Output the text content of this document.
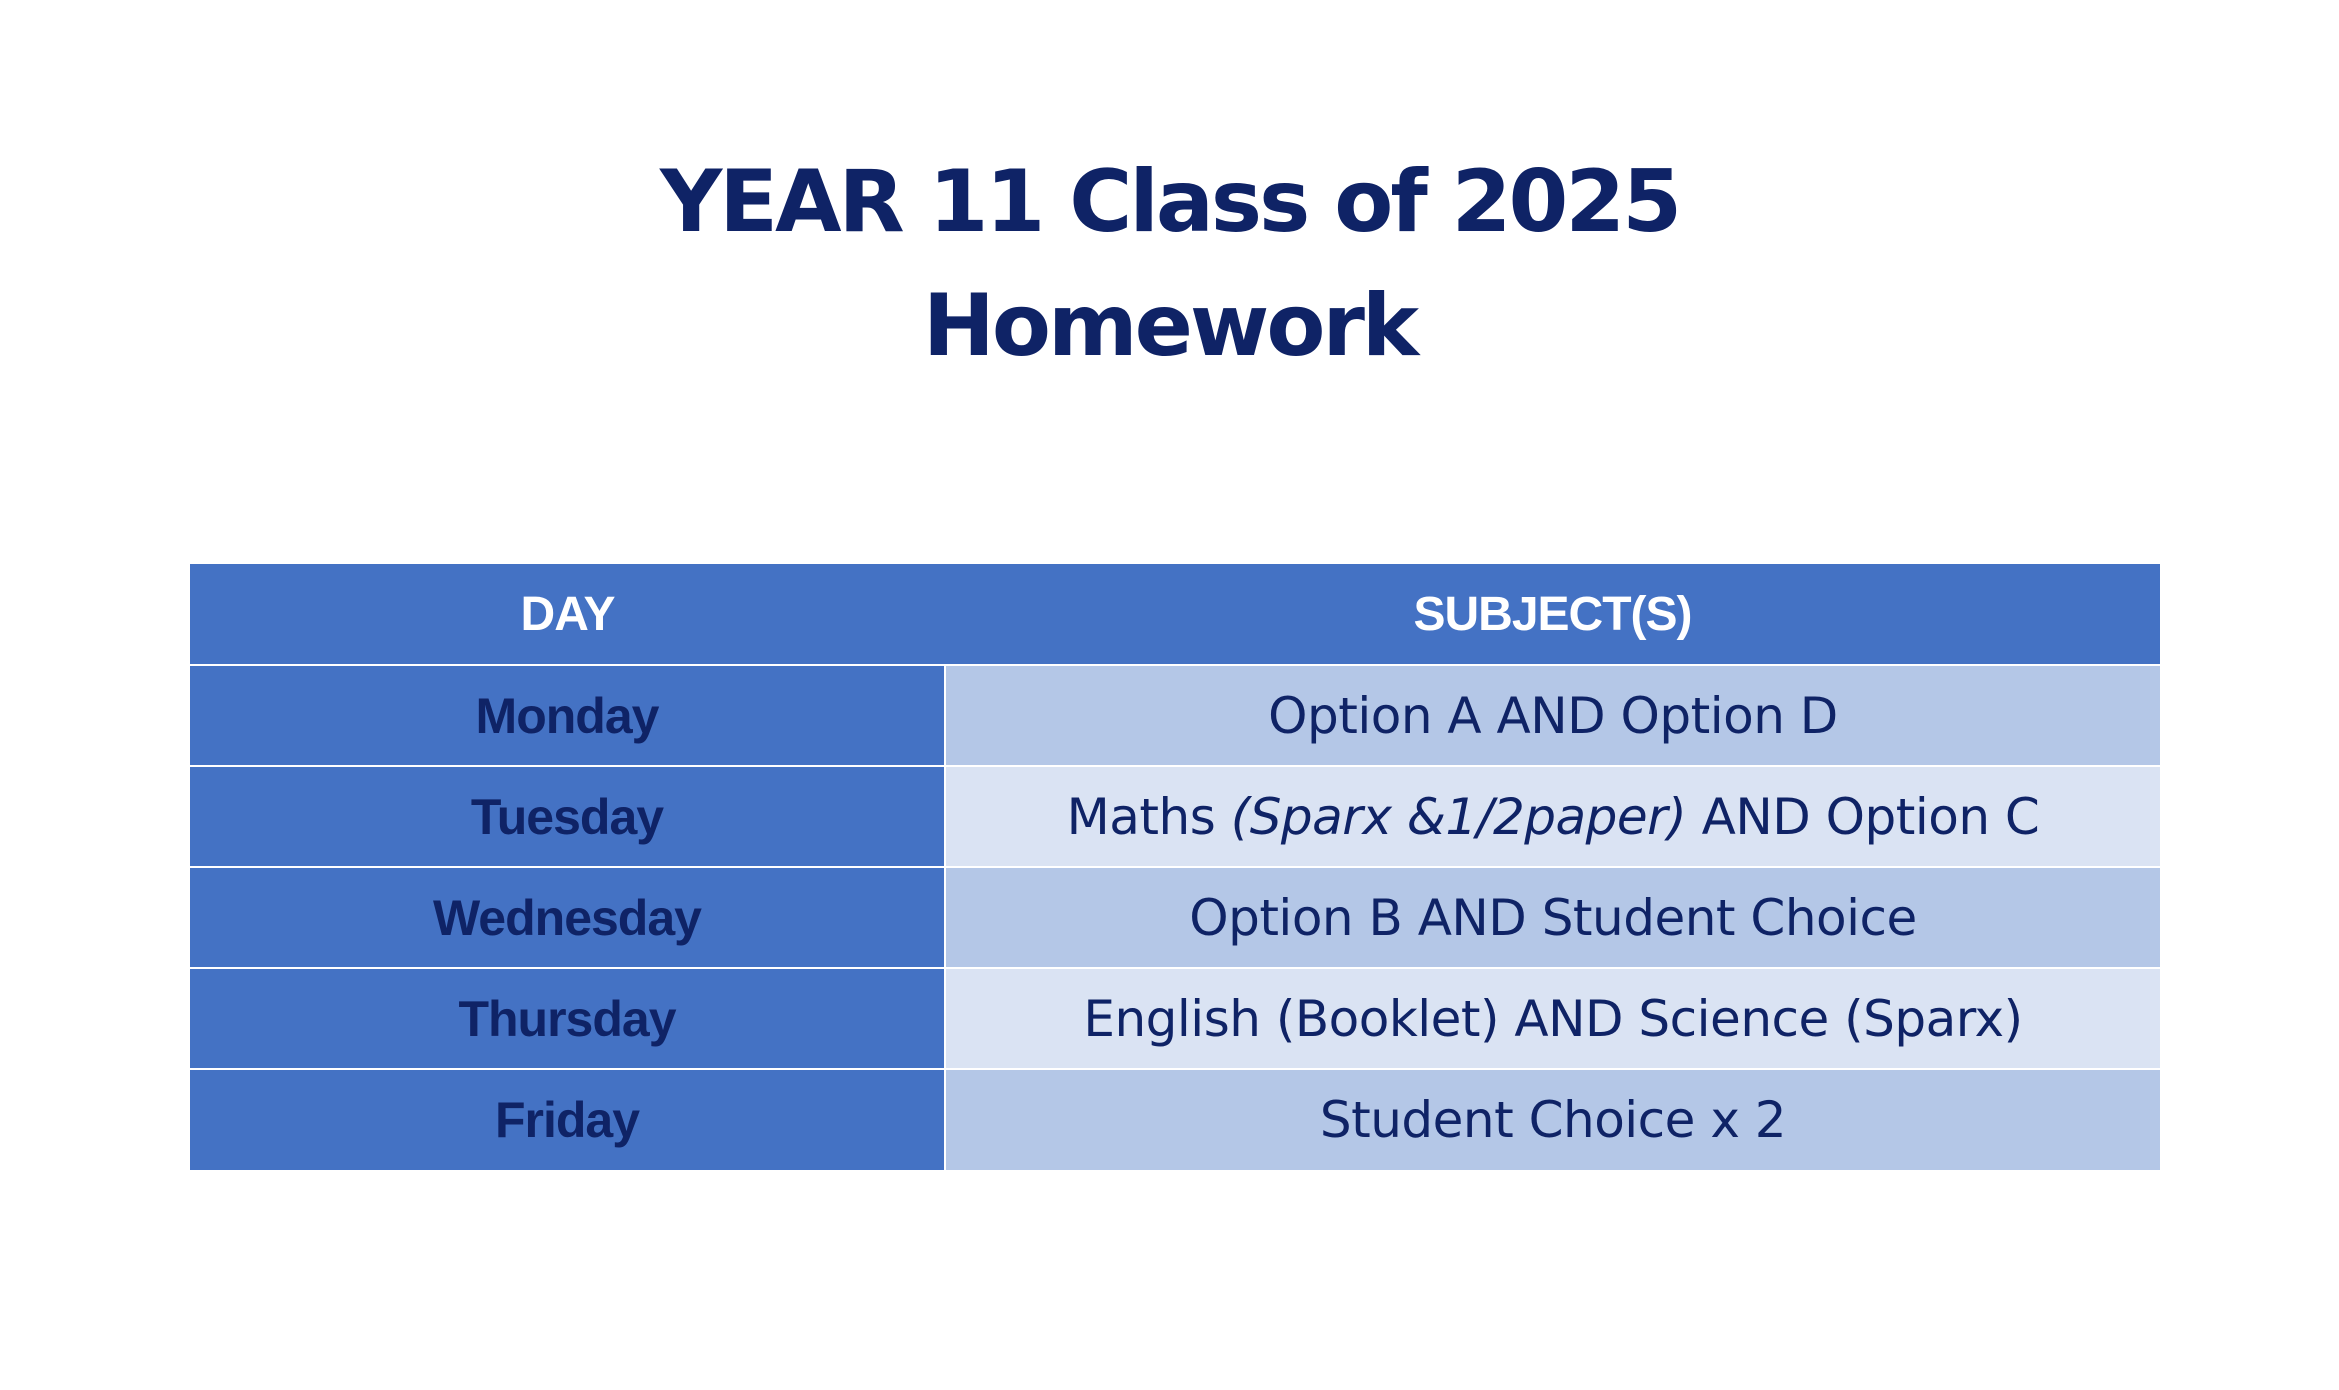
YEAR 11 Class of 2025
Homework
DAY	SUBJECT(S)
Monday	Option A AND Option D
Tuesday	Maths (Sparx &1/2paper) AND Option C
Wednesday	Option B AND Student Choice
Thursday	English (Booklet) AND Science (Sparx)
Friday	Student Choice x 2
